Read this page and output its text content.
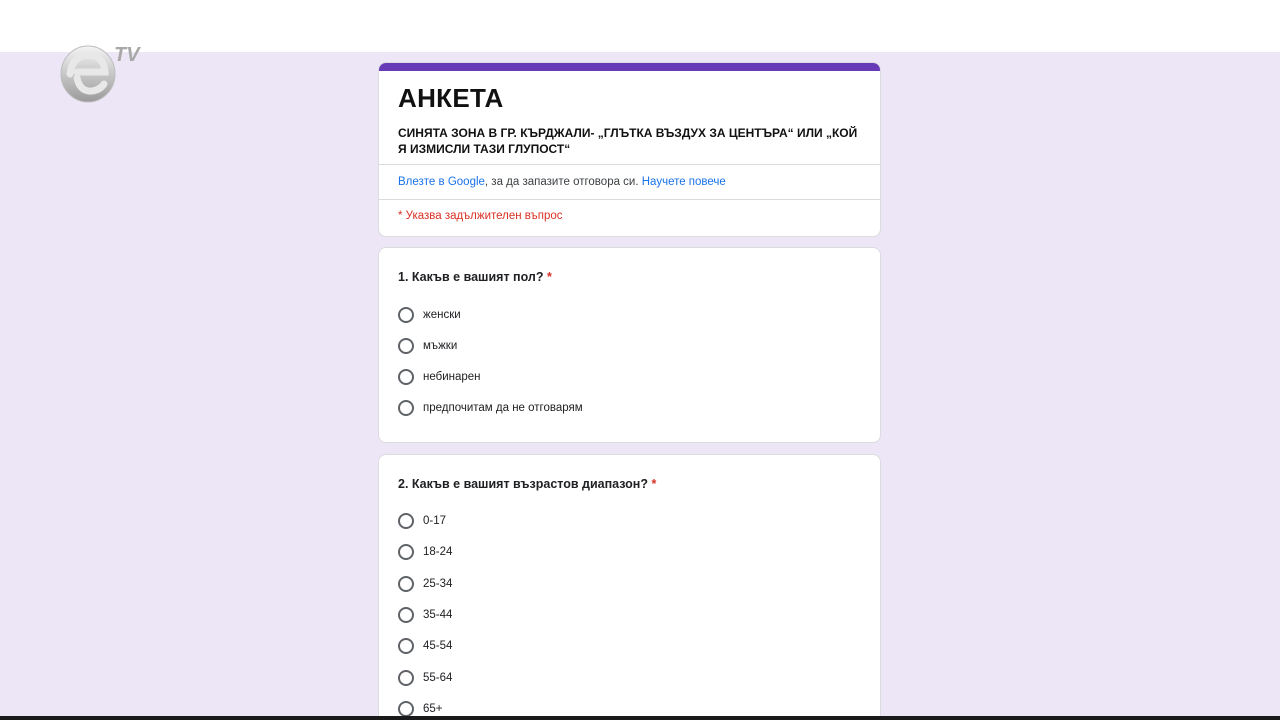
TV
АНКЕТА
СИНЯТА ЗОНА В ГР. КЪРДЖАЛИ- „ГЛЪТКА ВЪЗДУХ ЗА ЦЕНТЪРА“ ИЛИ „КОЙ Я ИЗМИСЛИ ТАЗИ ГЛУПОСТ“
Влезте в Google, за да запазите отговора си. Научете повече
* Указва задължителен въпрос
1. Какъв е вашият пол? *
женски
мъжки
небинарен
предпочитам да не отговарям
2. Какъв е вашият възрастов диапазон? *
0-17
18-24
25-34
35-44
45-54
55-64
65+
